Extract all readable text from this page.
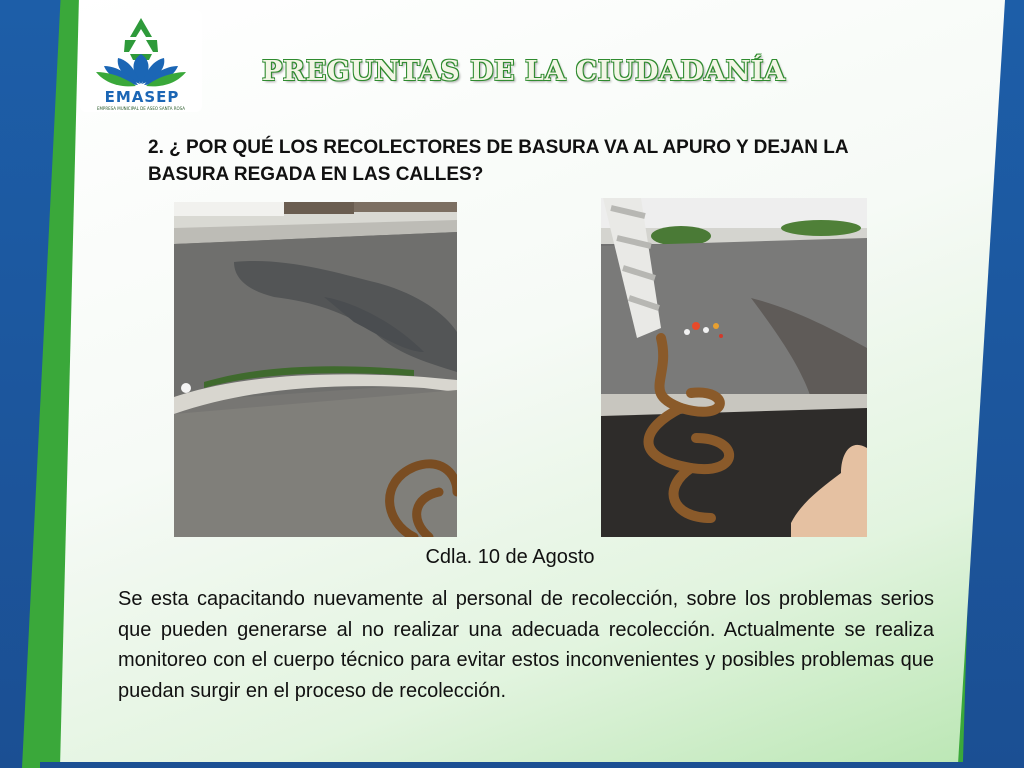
EMASEP
EMPRESA MUNICIPAL DE ASEO SANTA ROSA
PREGUNTAS DE LA CIUDADANÍA
2. ¿ POR QUÉ LOS RECOLECTORES DE BASURA VA AL APURO Y DEJAN LA BASURA REGADA EN LAS CALLES?
Cdla. 10 de Agosto
Se esta capacitando nuevamente al personal de recolección, sobre los problemas serios que pueden generarse al no realizar una adecuada recolección. Actualmente se realiza monitoreo con el cuerpo técnico para evitar estos inconvenientes y posibles problemas que puedan surgir en el proceso de recolección.
